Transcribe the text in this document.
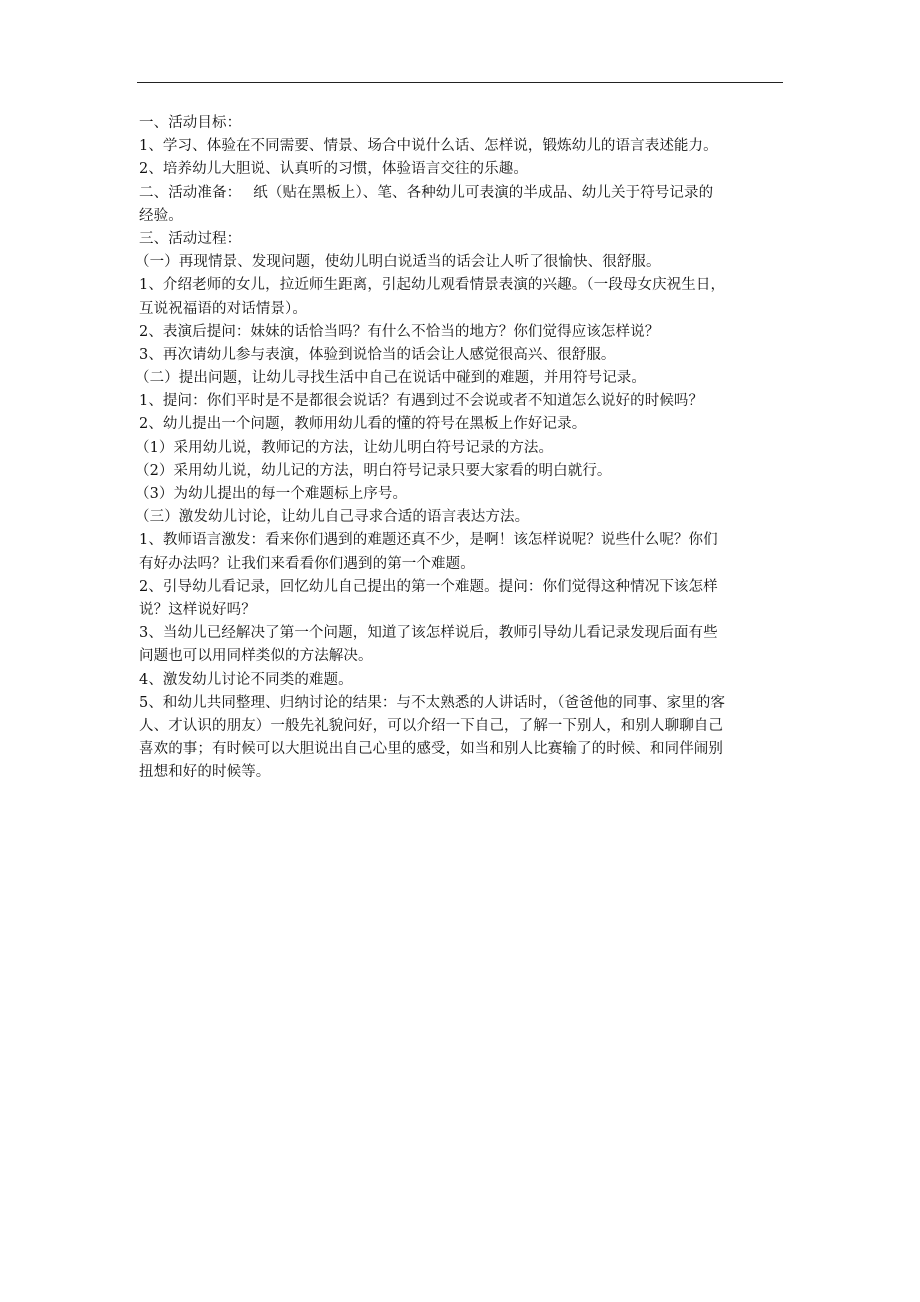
一、活动目标：
1、学习、体验在不同需要、情景、场合中说什么话、怎样说，锻炼幼儿的语言表述能力。
2、培养幼儿大胆说、认真听的习惯，体验语言交往的乐趣。
二、活动准备：　 纸（贴在黑板上）、笔、各种幼儿可表演的半成品、幼儿关于符号记录的
经验。
三、活动过程：
（一）再现情景、发现问题，使幼儿明白说适当的话会让人听了很愉快、很舒服。
1、介绍老师的女儿，拉近师生距离，引起幼儿观看情景表演的兴趣。（一段母女庆祝生日，
互说祝福语的对话情景）。
2、表演后提问：妹妹的话恰当吗？有什么不恰当的地方？你们觉得应该怎样说？
3、再次请幼儿参与表演，体验到说恰当的话会让人感觉很高兴、很舒服。
（二）提出问题，让幼儿寻找生活中自己在说话中碰到的难题，并用符号记录。
1、提问：你们平时是不是都很会说话？有遇到过不会说或者不知道怎么说好的时候吗？
2、幼儿提出一个问题，教师用幼儿看的懂的符号在黑板上作好记录。
（1）采用幼儿说，教师记的方法，让幼儿明白符号记录的方法。
（2）采用幼儿说，幼儿记的方法，明白符号记录只要大家看的明白就行。
（3）为幼儿提出的每一个难题标上序号。
（三）激发幼儿讨论，让幼儿自己寻求合适的语言表达方法。
1、教师语言激发：看来你们遇到的难题还真不少，是啊！该怎样说呢？说些什么呢？你们
有好办法吗？让我们来看看你们遇到的第一个难题。
2、引导幼儿看记录，回忆幼儿自己提出的第一个难题。提问：你们觉得这种情况下该怎样
说？这样说好吗？
3、当幼儿已经解决了第一个问题，知道了该怎样说后，教师引导幼儿看记录发现后面有些
问题也可以用同样类似的方法解决。
4、激发幼儿讨论不同类的难题。
5、和幼儿共同整理、归纳讨论的结果：与不太熟悉的人讲话时，（爸爸他的同事、家里的客
人、才认识的朋友）一般先礼貌问好，可以介绍一下自己，了解一下别人，和别人聊聊自己
喜欢的事；有时候可以大胆说出自己心里的感受，如当和别人比赛输了的时候、和同伴闹别
扭想和好的时候等。
